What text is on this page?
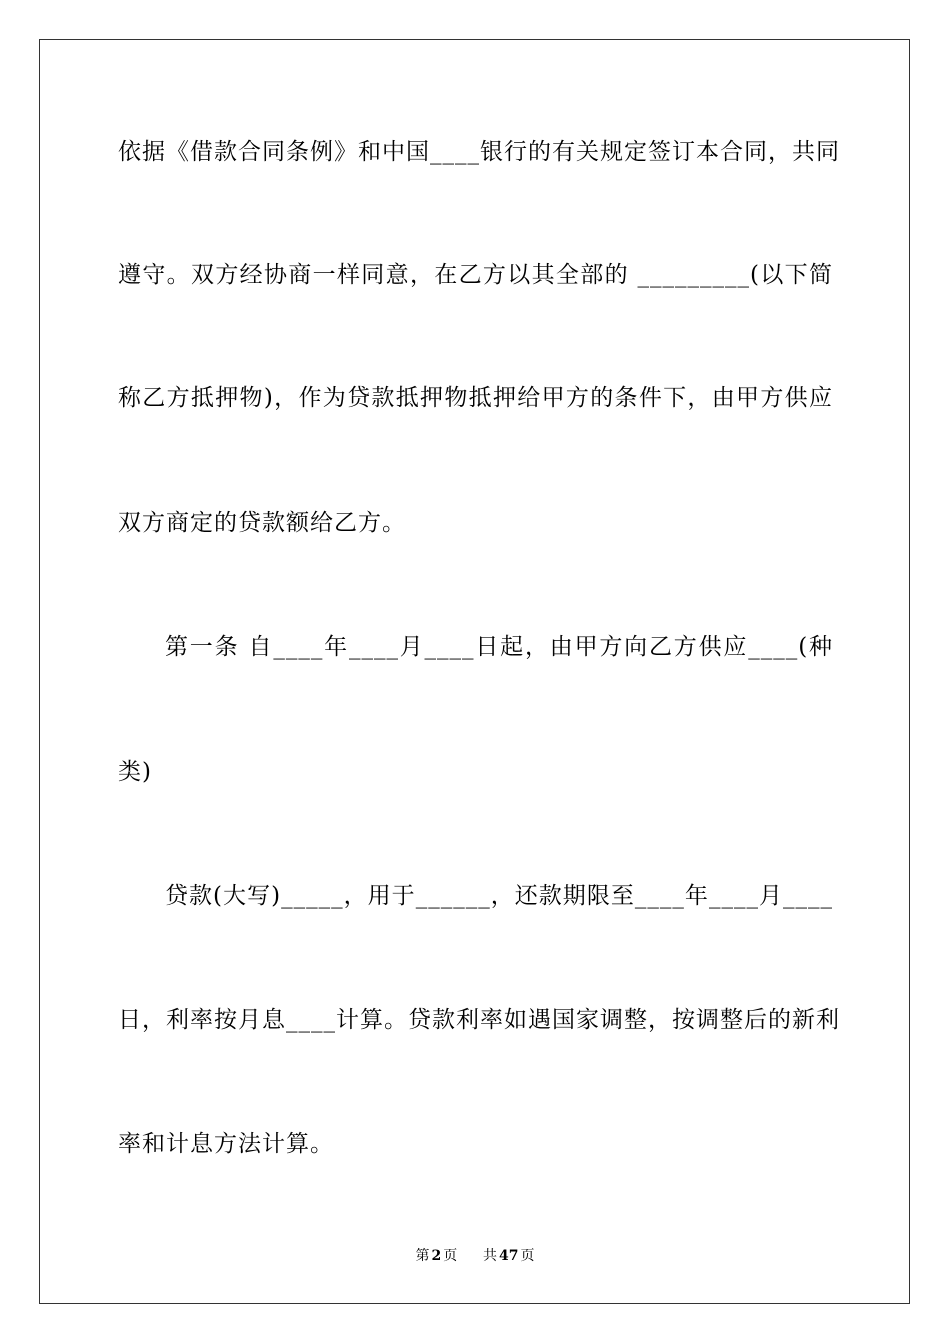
依据《借款合同条例》和中国____银行的有关规定签订本合同，共同
遵守。双方经协商一样同意，在乙方以其全部的 _________(以下简
称乙方抵押物)，作为贷款抵押物抵押给甲方的条件下，由甲方供应
双方商定的贷款额给乙方。
第一条 自____年____月____日起，由甲方向乙方供应____(种
类)
贷款(大写)_____，用于______，还款期限至____年____月____
日，利率按月息____计算。贷款利率如遇国家调整，按调整后的新利
率和计息方法计算。
第 2 页 共 47 页
